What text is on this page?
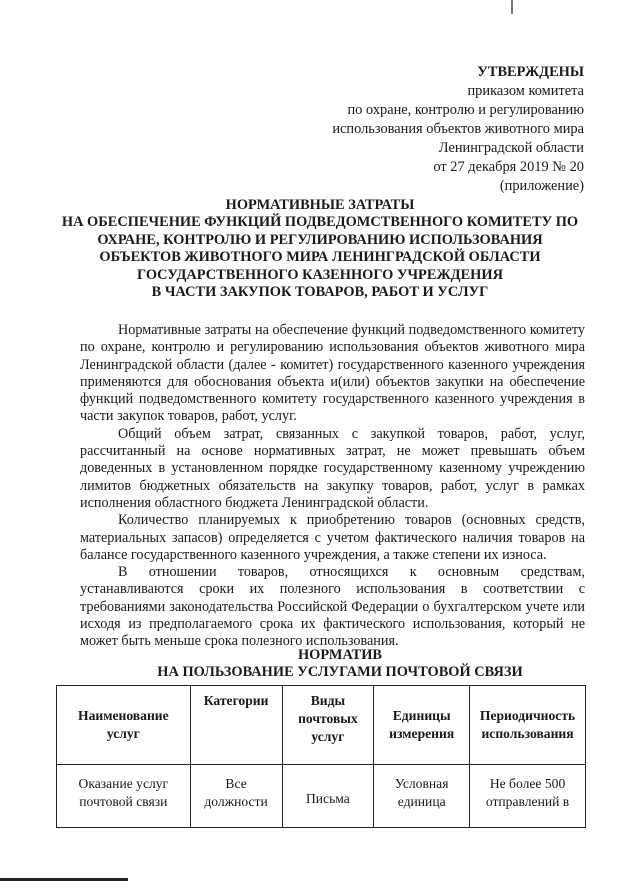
УТВЕРЖДЕНЫ
приказом комитета
по охране, контролю и регулированию
использования объектов животного мира
Ленинградской области
от 27 декабря 2019 № 20
(приложение)
НОРМАТИВНЫЕ ЗАТРАТЫ
НА ОБЕСПЕЧЕНИЕ ФУНКЦИЙ ПОДВЕДОМСТВЕННОГО КОМИТЕТУ ПО
ОХРАНЕ, КОНТРОЛЮ И РЕГУЛИРОВАНИЮ ИСПОЛЬЗОВАНИЯ
ОБЪЕКТОВ ЖИВОТНОГО МИРА ЛЕНИНГРАДСКОЙ ОБЛАСТИ
ГОСУДАРСТВЕННОГО КАЗЕННОГО УЧРЕЖДЕНИЯ
В ЧАСТИ ЗАКУПОК ТОВАРОВ, РАБОТ И УСЛУГ

Нормативные затраты на обеспечение функций подведомственного комитету по охране, контролю и регулированию использования объектов животного мира Ленинградской области (далее - комитет) государственного казенного учреждения применяются для обоснования объекта и(или) объектов закупки на обеспечение функций подведомственного комитету государственного казенного учреждения в части закупок товаров, работ, услуг.

Общий объем затрат, связанных с закупкой товаров, работ, услуг, рассчитанный на основе нормативных затрат, не может превышать объем доведенных в установленном порядке государственному казенному учреждению лимитов бюджетных обязательств на закупку товаров, работ, услуг в рамках исполнения областного бюджета Ленинградской области.

Количество планируемых к приобретению товаров (основных средств, материальных запасов) определяется с учетом фактического наличия товаров на балансе государственного казенного учреждения, а также степени их износа.

В отношении товаров, относящихся к основным средствам, устанавливаются сроки их полезного использования в соответствии с требованиями законодательства Российской Федерации о бухгалтерском учете или исходя из предполагаемого срока их фактического использования, который не может быть меньше срока полезного использования.

НОРМАТИВ
НА ПОЛЬЗОВАНИЕ УСЛУГАМИ ПОЧТОВОЙ СВЯЗИ
Наименование услуг	Категории	Виды почтовых услуг	Единицы измерения	Периодичность использования
Оказание услуг почтовой связи	Все должности	Письма	Условная единица	Не более 500 отправлений в
